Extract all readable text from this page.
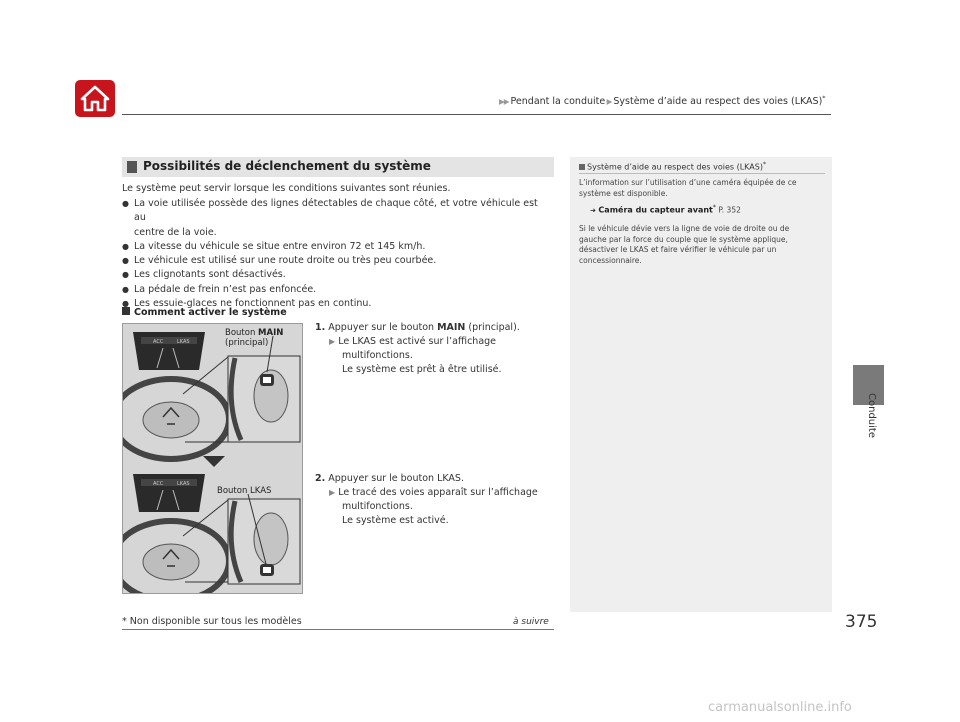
▶▶ Pendant la conduite ▶ Système d’aide au respect des voies (LKAS)*
Conduite
Possibilités de déclenchement du système
Le système peut servir lorsque les conditions suivantes sont réunies.
● La voie utilisée possède des lignes détectables de chaque côté, et votre véhicule est au
centre de la voie.
● La vitesse du véhicule se situe entre environ 72 et 145 km/h.
● Le véhicule est utilisé sur une route droite ou très peu courbée.
● Les clignotants sont désactivés.
● La pédale de frein n’est pas enfoncée.
● Les essuie-glaces ne fonctionnent pas en continu.
Comment activer le système
ACC	LKAS
ACC	LKAS
Bouton MAIN
(principal)
Bouton LKAS
1. Appuyer sur le bouton MAIN (principal).
▶ Le LKAS est activé sur l’affichage
multifonctions.
Le système est prêt à être utilisé.
2. Appuyer sur le bouton LKAS.
▶ Le tracé des voies apparaît sur l’affichage
multifonctions.
Le système est activé.
Système d’aide au respect des voies (LKAS)*
L’information sur l’utilisation d’une caméra équipée de ce
système est disponible.
➔ Caméra du capteur avant* P. 352
Si le véhicule dévie vers la ligne de voie de droite ou de
gauche par la force du couple que le système applique,
désactiver le LKAS et faire vérifier le véhicule par un
concessionnaire.
* Non disponible sur tous les modèles	à suivre	375
carmanualsonline.info
